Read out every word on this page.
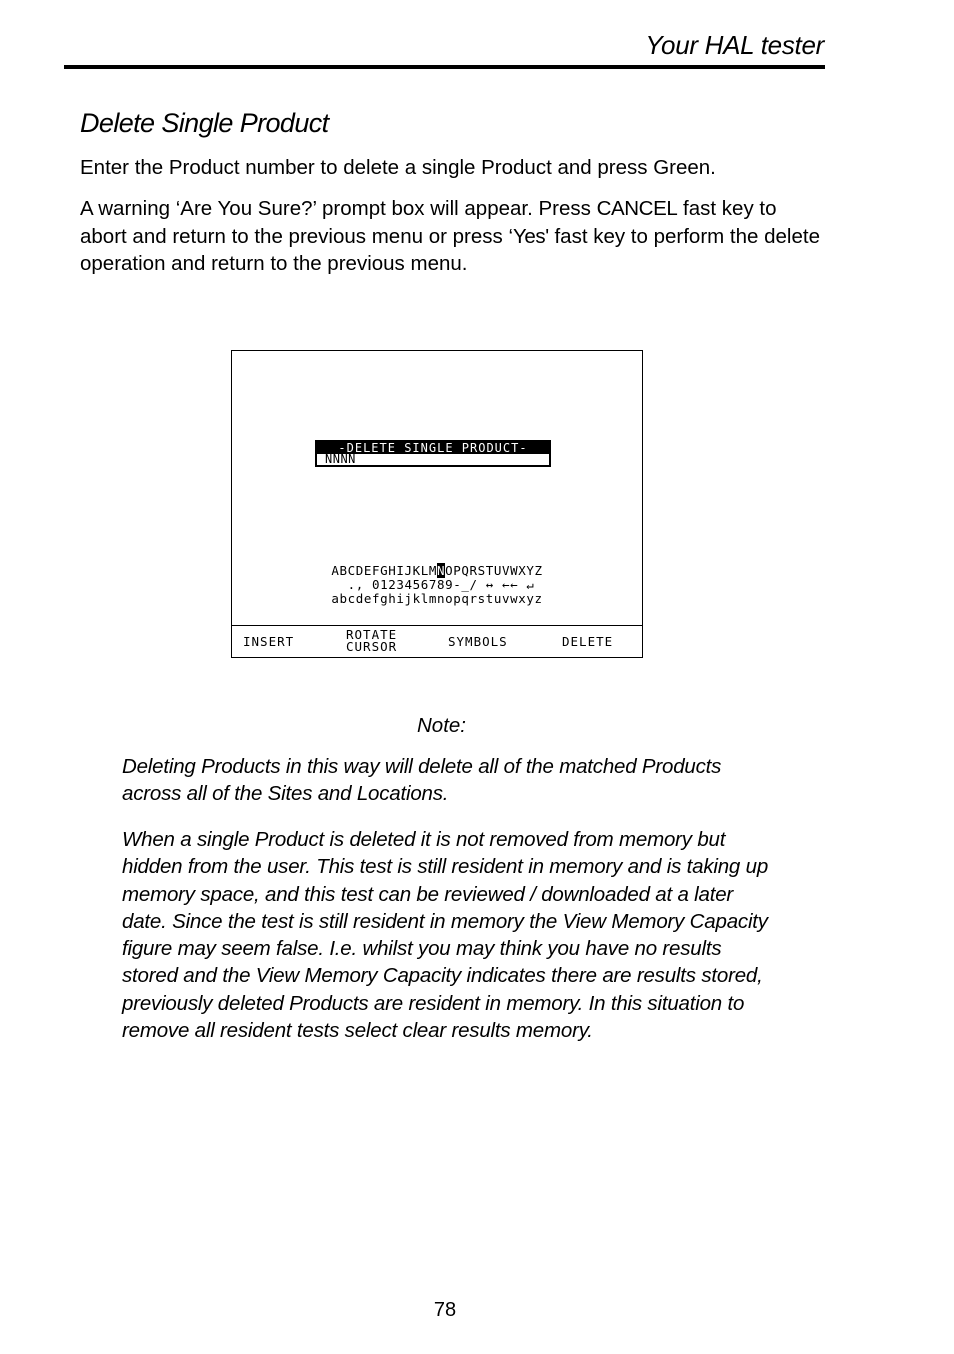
Your HAL tester
Delete Single Product

Enter the Product number to delete a single Product and press Green.

A warning ‘Are You Sure?’ prompt box will appear. Press CANCEL fast key to abort and return to the previous menu or press ‘Yes' fast key to perform the delete operation and return to the previous menu.

-DELETE SINGLE PRODUCT-
NNNN
ABCDEFGHIJKLMNOPQRSTUVWXYZ
., 0123456789-_/ ↔ ←← ↵
abcdefghijklmnopqrstuvwxyz
INSERT	ROTATE
CURSOR	SYMBOLS	DELETE
Note:

Deleting Products in this way will delete all of the matched Products across all of the Sites and Locations.

When a single Product is deleted it is not removed from memory but hidden from the user. This test is still resident in memory and is taking up memory space, and this test can be reviewed / downloaded at a later date. Since the test is still resident in memory the View Memory Capacity figure may seem false. I.e. whilst you may think you have no results stored and the View Memory Capacity indicates there are results stored, previously deleted Products are resident in memory. In this situation to remove all resident tests select clear results memory.

78
